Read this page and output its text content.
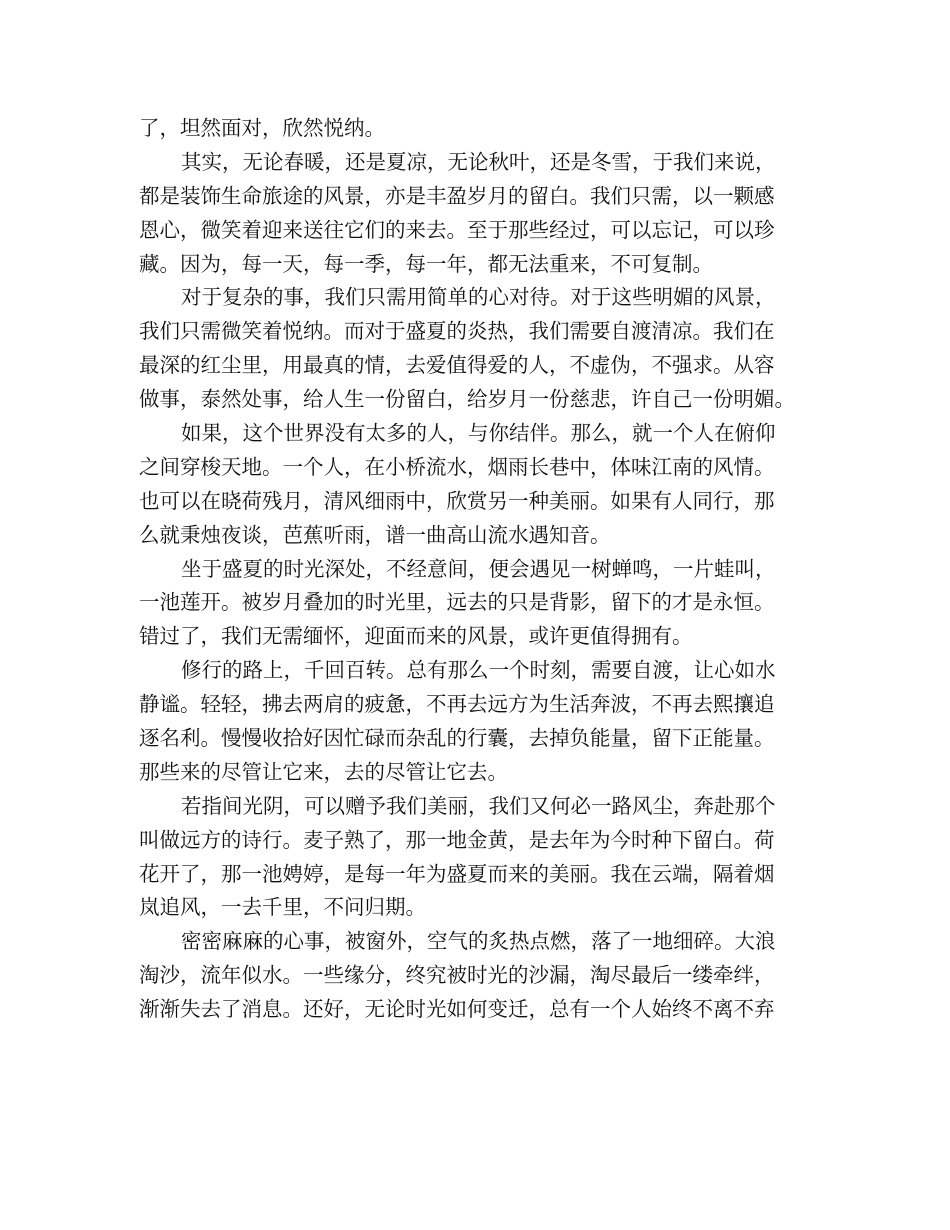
了，坦然面对，欣然悦纳。
其实，无论春暖，还是夏凉，无论秋叶，还是冬雪，于我们来说，
都是装饰生命旅途的风景，亦是丰盈岁月的留白。我们只需，以一颗感
恩心，微笑着迎来送往它们的来去。至于那些经过，可以忘记，可以珍
藏。因为，每一天，每一季，每一年，都无法重来，不可复制。
对于复杂的事，我们只需用简单的心对待。对于这些明媚的风景，
我们只需微笑着悦纳。而对于盛夏的炎热，我们需要自渡清凉。我们在
最深的红尘里，用最真的情，去爱值得爱的人，不虚伪，不强求。从容
做事，泰然处事，给人生一份留白，给岁月一份慈悲，许自己一份明媚。
如果，这个世界没有太多的人，与你结伴。那么，就一个人在俯仰
之间穿梭天地。一个人，在小桥流水，烟雨长巷中，体味江南的风情。
也可以在晓荷残月，清风细雨中，欣赏另一种美丽。如果有人同行，那
么就秉烛夜谈，芭蕉听雨，谱一曲高山流水遇知音。
坐于盛夏的时光深处，不经意间，便会遇见一树蝉鸣，一片蛙叫，
一池莲开。被岁月叠加的时光里，远去的只是背影，留下的才是永恒。
错过了，我们无需缅怀，迎面而来的风景，或许更值得拥有。
修行的路上，千回百转。总有那么一个时刻，需要自渡，让心如水
静谧。轻轻，拂去两肩的疲惫，不再去远方为生活奔波，不再去熙攘追
逐名利。慢慢收拾好因忙碌而杂乱的行囊，去掉负能量，留下正能量。
那些来的尽管让它来，去的尽管让它去。
若指间光阴，可以赠予我们美丽，我们又何必一路风尘，奔赴那个
叫做远方的诗行。麦子熟了，那一地金黄，是去年为今时种下留白。荷
花开了，那一池娉婷，是每一年为盛夏而来的美丽。我在云端，隔着烟
岚追风，一去千里，不问归期。
密密麻麻的心事，被窗外，空气的炙热点燃，落了一地细碎。大浪
淘沙，流年似水。一些缘分，终究被时光的沙漏，淘尽最后一缕牵绊，
渐渐失去了消息。还好，无论时光如何变迁，总有一个人始终不离不弃
